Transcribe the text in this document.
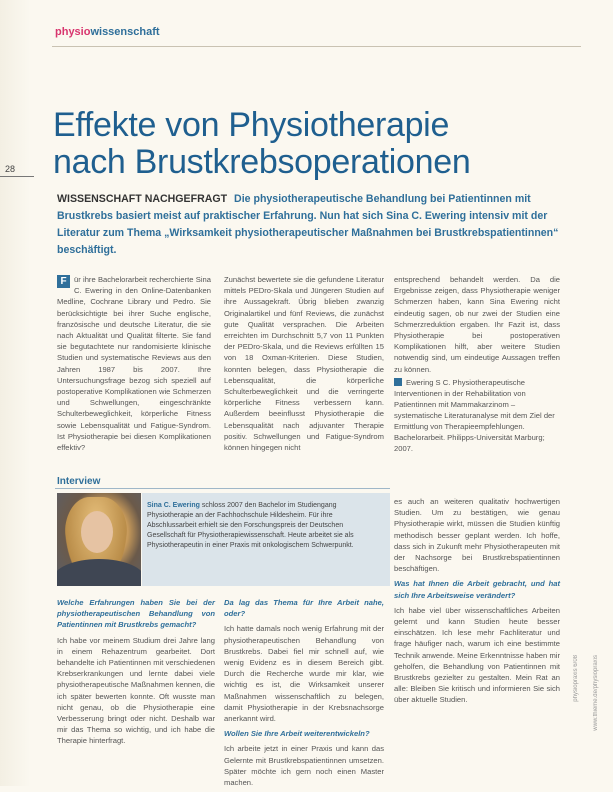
physiowissenschaft
28
Effekte von Physiotherapie
nach Brustkrebsoperationen
WISSENSCHAFT NACHGEFRAGT Die physiotherapeutische Behandlung bei Patientinnen mit Brustkrebs basiert meist auf praktischer Erfahrung. Nun hat sich Sina C. Ewering intensiv mit der Literatur zum Thema „Wirksamkeit physiotherapeutischer Maßnahmen bei Brustkrebspatientinnen“ beschäftigt.
F ür ihre Bachelorarbeit recherchierte Sina C. Ewering in den Online-Datenbanken Medline, Cochrane Library und Pedro. Sie berücksichtigte bei ihrer Suche englische, französische und deutsche Literatur, die sie nach Aktualität und Qualität filterte. Sie fand sie begutachtete nur randomisierte klinische Studien und systematische Reviews aus den Jahren 1987 bis 2007. Ihre Untersuchungsfrage bezog sich speziell auf postoperative Komplikationen wie Schmerzen und Schwellungen, eingeschränkte Schulterbeweglichkeit, körperliche Fitness sowie Lebensqualität und Fatigue-Syndrom. Ist Physiotherapie bei diesen Komplikationen effektiv?
Zunächst bewertete sie die gefundene Literatur mittels PEDro-Skala und Jüngeren Studien auf ihre Aussagekraft. Übrig blieben zwanzig Originalartikel und fünf Reviews, die zunächst gute Qualität versprachen. Die Arbeiten erreichten im Durchschnitt 5,7 von 11 Punkten der PEDro-Skala, und die Reviews erfüllten 15 von 18 Oxman-Kriterien. Diese Studien, konnten belegen, dass Physiotherapie die Lebensqualität, die körperliche Schulterbeweglichkeit und die verringerte körperliche Fitness verbessern kann. Außerdem beeinflusst Physiotherapie die Lebensqualität nach adjuvanter Therapie positiv. Schwellungen und Fatigue-Syndrom können hingegen nicht
entsprechend behandelt werden. Da die Ergebnisse zeigen, dass Physiotherapie weniger Schmerzen haben, kann Sina Ewering nicht eindeutig sagen, ob nur zwei der Studien eine Schmerzreduktion ergaben. Ihr Fazit ist, dass Physiotherapie bei postoperativen Komplikationen hilft, aber weitere Studien notwendig sind, um eindeutige Aussagen treffen zu können.
Ewering S C. Physiotherapeutische Interventionen in der Rehabilitation von Patientinnen mit Mammakarzinom – systematische Literaturanalyse mit dem Ziel der Ermittlung von Therapieempfehlungen. Bachelorarbeit. Philipps-Universität Marburg; 2007.
Interview
Sina C. Ewering schloss 2007 den Bachelor im Studiengang Physiotherapie an der Fachhochschule Hildesheim. Für ihre Abschlussarbeit erhielt sie den Forschungspreis der Deutschen Gesellschaft für Physiotherapiewissenschaft. Heute arbeitet sie als Physiotherapeutin in einer Praxis mit onkologischem Schwerpunkt.

Welche Erfahrungen haben Sie bei der physiotherapeutischen Behandlung von Patientinnen mit Brustkrebs gemacht?

Ich habe vor meinem Studium drei Jahre lang in einem Rehazentrum gearbeitet. Dort behandelte ich Patientinnen mit verschiedenen Krebserkrankungen und lernte dabei viele physiotherapeutische Maßnahmen kennen, die ich später bewerten konnte. Oft wusste man nicht genau, ob die Physiotherapie eine Verbesserung bringt oder nicht. Deshalb war mir das Thema so wichtig, und ich habe die Therapie hinterfragt.

Da lag das Thema für Ihre Arbeit nahe, oder?

Ich hatte damals noch wenig Erfahrung mit der physiotherapeutischen Behandlung von Brustkrebs. Dabei fiel mir schnell auf, wie wenig Evidenz es in diesem Bereich gibt. Durch die Recherche wurde mir klar, wie wichtig es ist, die Wirksamkeit unserer Maßnahmen wissenschaftlich zu belegen, damit Physiotherapie in der Krebsnachsorge anerkannt wird.

Wollen Sie Ihre Arbeit weiterentwickeln?

Ich arbeite jetzt in einer Praxis und kann das Gelernte mit Brustkrebspatientinnen umsetzen. Später möchte ich gern noch einen Master machen.

es auch an weiteren qualitativ hochwertigen Studien. Um zu bestätigen, wie genau Physiotherapie wirkt, müssen die Studien künftig methodisch besser geplant werden. Ich hoffe, dass sich in Zukunft mehr Physiotherapeuten mit der Nachsorge bei Brustkrebspatientinnen beschäftigen.

Was hat Ihnen die Arbeit gebracht, und hat sich Ihre Arbeitsweise verändert?

Ich habe viel über wissenschaftliches Arbeiten gelernt und kann Studien heute besser einschätzen. Ich lese mehr Fachliteratur und frage häufiger nach, warum ich eine bestimmte Technik anwende. Meine Erkenntnisse haben mir geholfen, die Behandlung von Patientinnen mit Brustkrebs gezielter zu gestalten. Mein Rat an alle: Bleiben Sie kritisch und informieren Sie sich über aktuelle Studien.	physiopraxis 6/08 www.thieme.de/physiopraxis
